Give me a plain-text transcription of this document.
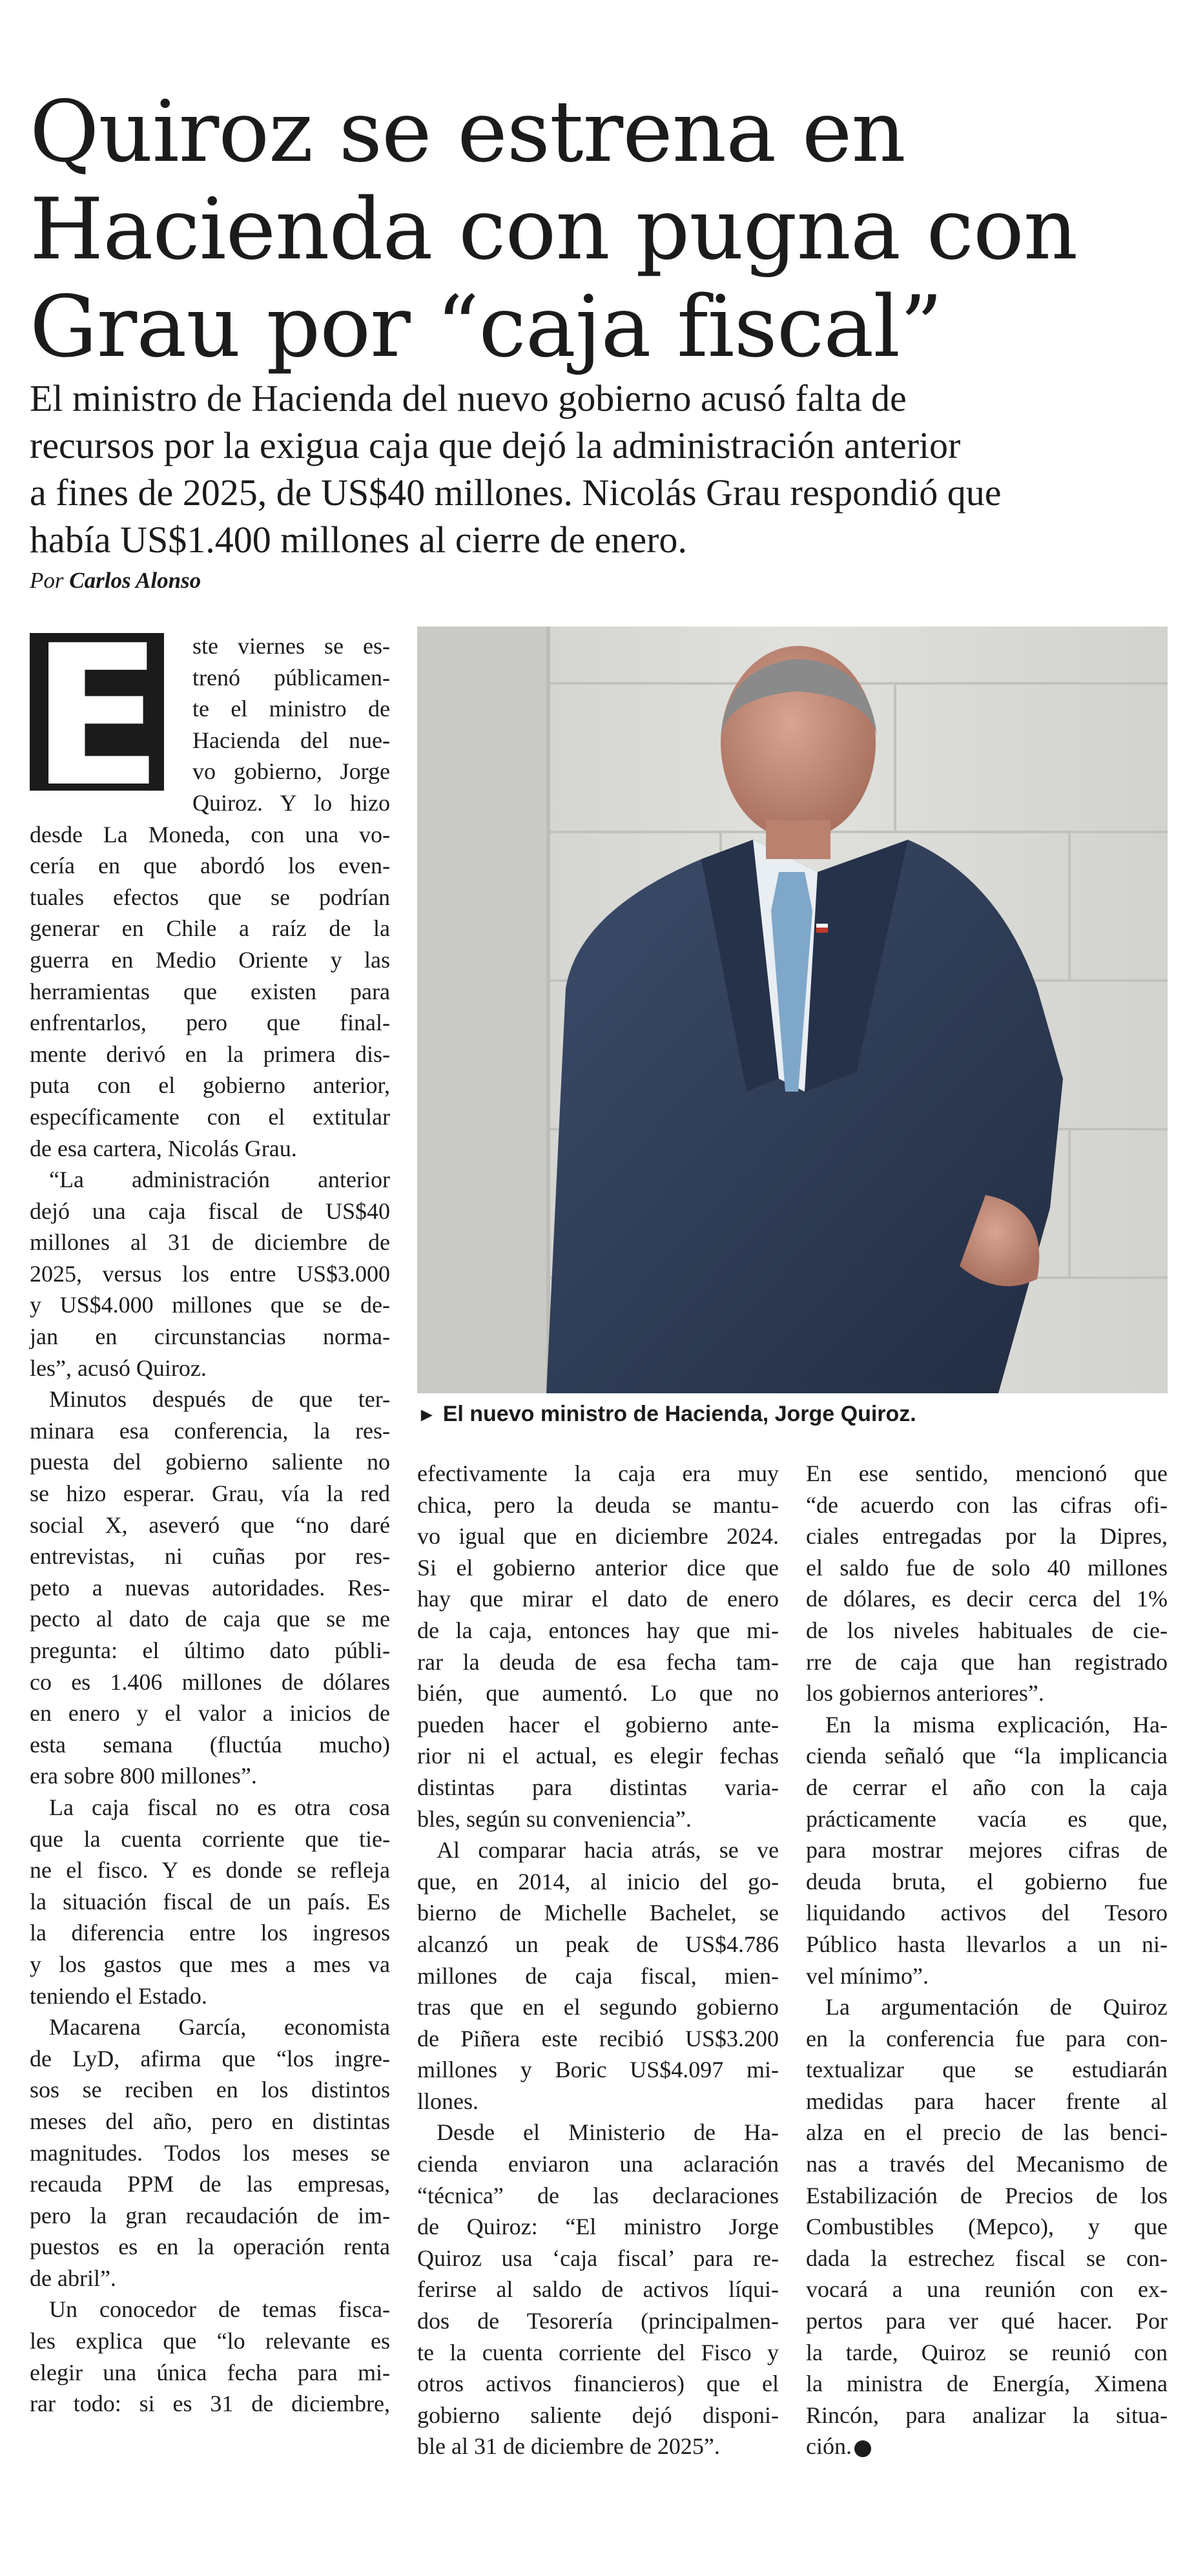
Quiroz se estrena en
Hacienda con pugna con
Grau por “caja fiscal”
El ministro de Hacienda del nuevo gobierno acusó falta de
recursos por la exigua caja que dejó la administración anterior
a fines de 2025, de US$40 millones. Nicolás Grau respondió que
había US$1.400 millones al cierre de enero.
Por Carlos Alonso
E ste viernes se es-
trenó públicamen-
te el ministro de
Hacienda del nue-
vo gobierno, Jorge
Quiroz. Y lo hizo
desde La Moneda, con una vo-
cería en que abordó los even-
tuales efectos que se podrían
generar en Chile a raíz de la
guerra en Medio Oriente y las
herramientas que existen para
enfrentarlos, pero que final-
mente derivó en la primera dis-
puta con el gobierno anterior,
específicamente con el extitular
de esa cartera, Nicolás Grau.
“La administración anterior
dejó una caja fiscal de US$40
millones al 31 de diciembre de
2025, versus los entre US$3.000
y US$4.000 millones que se de-
jan en circunstancias norma-
les”, acusó Quiroz.
Minutos después de que ter-
minara esa conferencia, la res-
puesta del gobierno saliente no
se hizo esperar. Grau, vía la red
social X, aseveró que “no daré
entrevistas, ni cuñas por res-
peto a nuevas autoridades. Res-
pecto al dato de caja que se me
pregunta: el último dato públi-
co es 1.406 millones de dólares
en enero y el valor a inicios de
esta semana (fluctúa mucho)
era sobre 800 millones”.
La caja fiscal no es otra cosa
que la cuenta corriente que tie-
ne el fisco. Y es donde se refleja
la situación fiscal de un país. Es
la diferencia entre los ingresos
y los gastos que mes a mes va
teniendo el Estado.
Macarena García, economista
de LyD, afirma que “los ingre-
sos se reciben en los distintos
meses del año, pero en distintas
magnitudes. Todos los meses se
recauda PPM de las empresas,
pero la gran recaudación de im-
puestos es en la operación renta
de abril”.
Un conocedor de temas fisca-
les explica que “lo relevante es
elegir una única fecha para mi-
rar todo: si es 31 de diciembre,
► El nuevo ministro de Hacienda, Jorge Quiroz.
efectivamente la caja era muy
chica, pero la deuda se mantu-
vo igual que en diciembre 2024.
Si el gobierno anterior dice que
hay que mirar el dato de enero
de la caja, entonces hay que mi-
rar la deuda de esa fecha tam-
bién, que aumentó. Lo que no
pueden hacer el gobierno ante-
rior ni el actual, es elegir fechas
distintas para distintas varia-
bles, según su conveniencia”.
Al comparar hacia atrás, se ve
que, en 2014, al inicio del go-
bierno de Michelle Bachelet, se
alcanzó un peak de US$4.786
millones de caja fiscal, mien-
tras que en el segundo gobierno
de Piñera este recibió US$3.200
millones y Boric US$4.097 mi-
llones.
Desde el Ministerio de Ha-
cienda enviaron una aclaración
“técnica” de las declaraciones
de Quiroz: “El ministro Jorge
Quiroz usa ‘caja fiscal’ para re-
ferirse al saldo de activos líqui-
dos de Tesorería (principalmen-
te la cuenta corriente del Fisco y
otros activos financieros) que el
gobierno saliente dejó disponi-
ble al 31 de diciembre de 2025”.
En ese sentido, mencionó que
“de acuerdo con las cifras ofi-
ciales entregadas por la Dipres,
el saldo fue de solo 40 millones
de dólares, es decir cerca del 1%
de los niveles habituales de cie-
rre de caja que han registrado
los gobiernos anteriores”.
En la misma explicación, Ha-
cienda señaló que “la implicancia
de cerrar el año con la caja
prácticamente vacía es que,
para mostrar mejores cifras de
deuda bruta, el gobierno fue
liquidando activos del Tesoro
Público hasta llevarlos a un ni-
vel mínimo”.
La argumentación de Quiroz
en la conferencia fue para con-
textualizar que se estudiarán
medidas para hacer frente al
alza en el precio de las benci-
nas a través del Mecanismo de
Estabilización de Precios de los
Combustibles (Mepco), y que
dada la estrechez fiscal se con-
vocará a una reunión con ex-
pertos para ver qué hacer. Por
la tarde, Quiroz se reunió con
la ministra de Energía, Ximena
Rincón, para analizar la situa-
ción.
